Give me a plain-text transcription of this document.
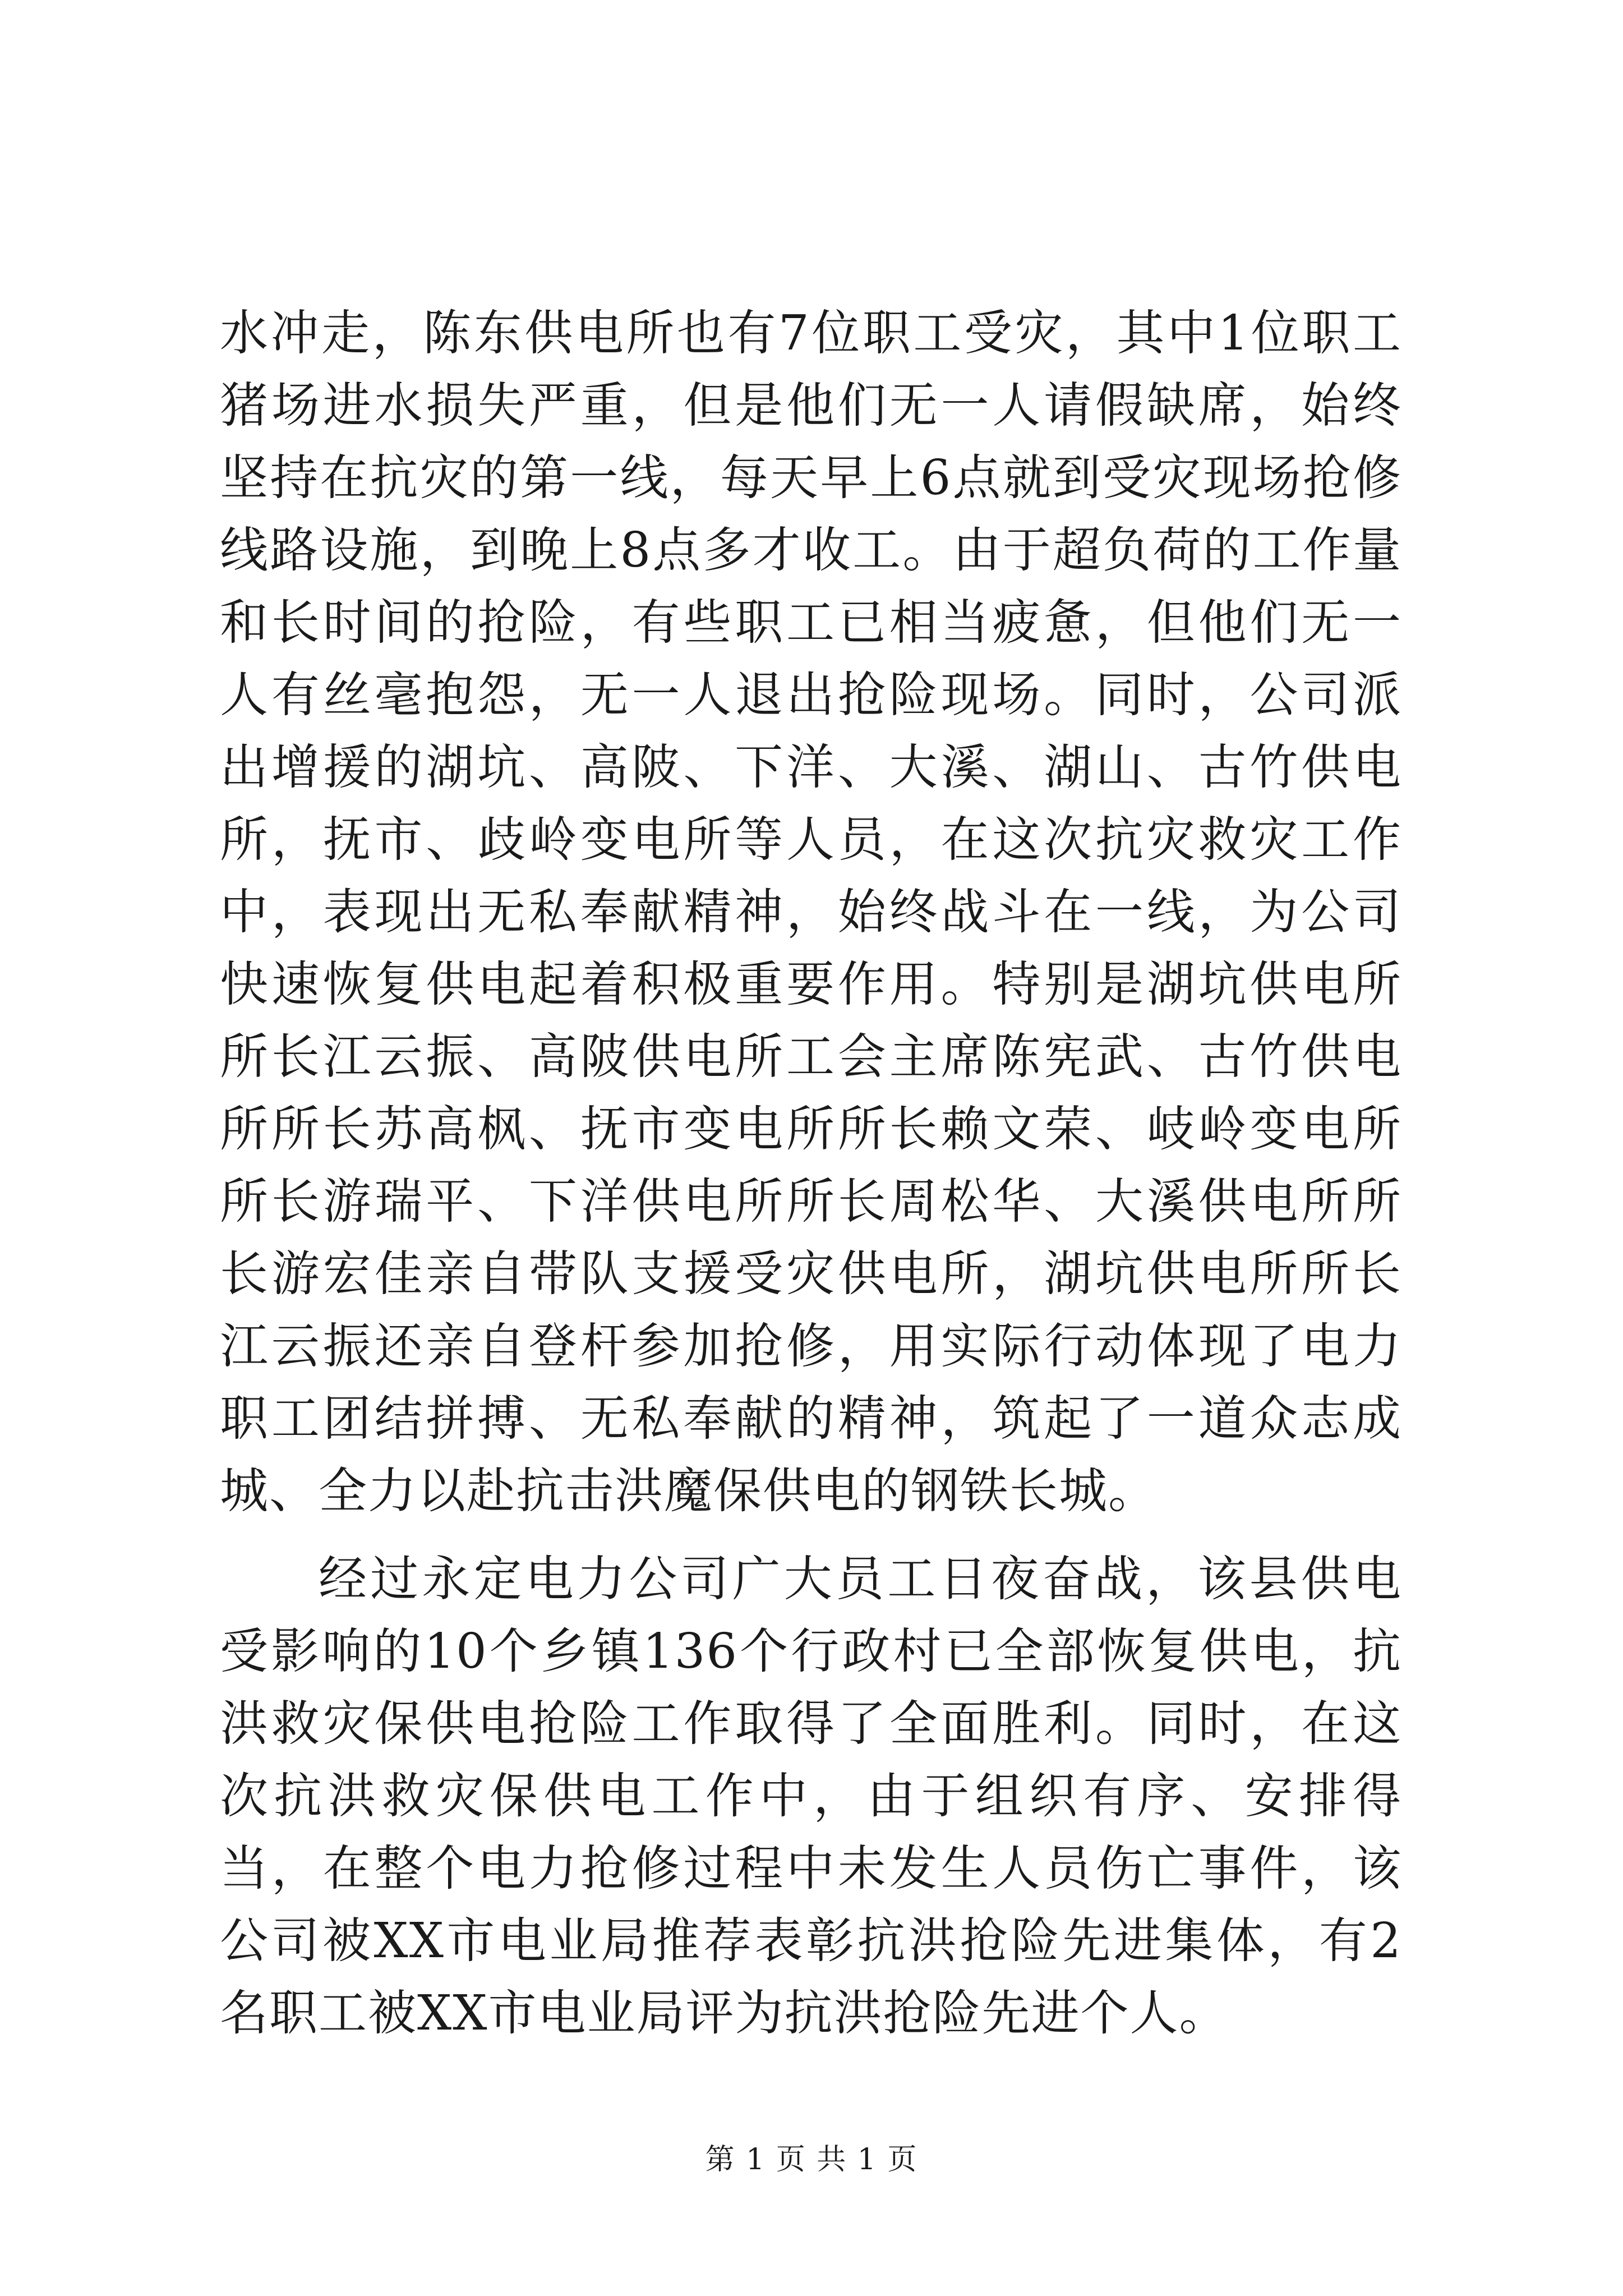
水冲走，陈东供电所也有7位职工受灾，其中1位职工猪场进水损失严重，但是他们无一人请假缺席，始终坚持在抗灾的第一线，每天早上6点就到受灾现场抢修线路设施，到晚上8点多才收工。由于超负荷的工作量和长时间的抢险，有些职工已相当疲惫，但他们无一人有丝毫抱怨，无一人退出抢险现场。同时，公司派出增援的湖坑、高陂、下洋、大溪、湖山、古竹供电所，抚市、歧岭变电所等人员，在这次抗灾救灾工作中，表现出无私奉献精神，始终战斗在一线，为公司快速恢复供电起着积极重要作用。特别是湖坑供电所所长江云振、高陂供电所工会主席陈宪武、古竹供电所所长苏高枫、抚市变电所所长赖文荣、岐岭变电所所长游瑞平、下洋供电所所长周松华、大溪供电所所长游宏佳亲自带队支援受灾供电所，湖坑供电所所长江云振还亲自登杆参加抢修，用实际行动体现了电力职工团结拼搏、无私奉献的精神，筑起了一道众志成城、全力以赴抗击洪魔保供电的钢铁长城。

经过永定电力公司广大员工日夜奋战，该县供电受影响的10个乡镇136个行政村已全部恢复供电，抗洪救灾保供电抢险工作取得了全面胜利。同时，在这次抗洪救灾保供电工作中，由于组织有序、安排得当，在整个电力抢修过程中未发生人员伤亡事件，该公司被XX市电业局推荐表彰抗洪抢险先进集体，有2名职工被XX市电业局评为抗洪抢险先进个人。

第 1 页 共 1 页
